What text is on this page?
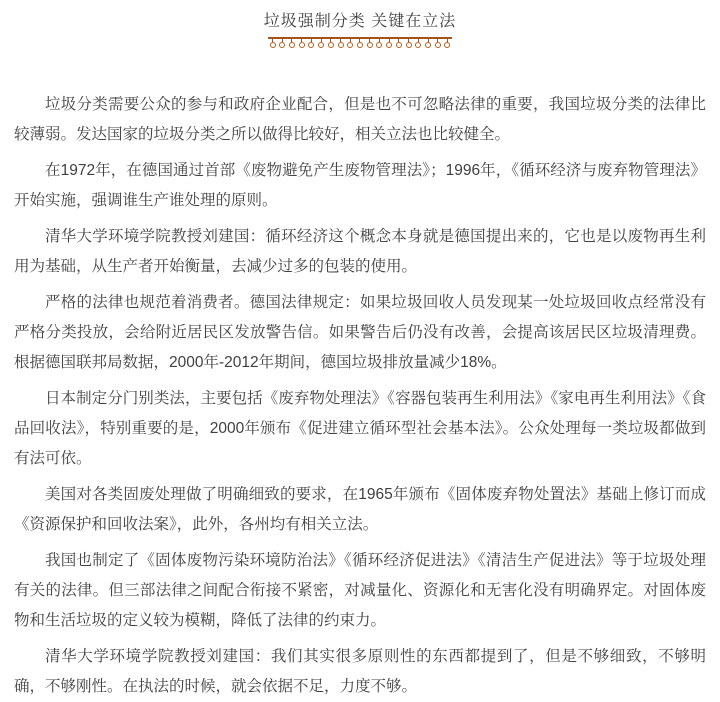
垃圾强制分类 关键在立法

垃圾分类需要公众的参与和政府企业配合，但是也不可忽略法律的重要，我国垃圾分类的法律比较薄弱。发达国家的垃圾分类之所以做得比较好，相关立法也比较健全。

在1972年，在德国通过首部《废物避免产生废物管理法》；1996年，《循环经济与废弃物管理法》开始实施，强调谁生产谁处理的原则。

清华大学环境学院教授刘建国：循环经济这个概念本身就是德国提出来的，它也是以废物再生利用为基础，从生产者开始衡量，去减少过多的包装的使用。

严格的法律也规范着消费者。德国法律规定：如果垃圾回收人员发现某一处垃圾回收点经常没有严格分类投放，会给附近居民区发放警告信。如果警告后仍没有改善，会提高该居民区垃圾清理费。根据德国联邦局数据，2000年-2012年期间，德国垃圾排放量减少18%。

日本制定分门别类法，主要包括《废弃物处理法》《容器包装再生利用法》《家电再生利用法》《食品回收法》，特别重要的是，2000年颁布《促进建立循环型社会基本法》。公众处理每一类垃圾都做到有法可依。

美国对各类固废处理做了明确细致的要求，在1965年颁布《固体废弃物处置法》基础上修订而成《资源保护和回收法案》，此外，各州均有相关立法。

我国也制定了《固体废物污染环境防治法》《循环经济促进法》《清洁生产促进法》等于垃圾处理有关的法律。但三部法律之间配合衔接不紧密，对减量化、资源化和无害化没有明确界定。对固体废物和生活垃圾的定义较为模糊，降低了法律的约束力。

清华大学环境学院教授刘建国：我们其实很多原则性的东西都提到了，但是不够细致，不够明确，不够刚性。在执法的时候，就会依据不足，力度不够。
